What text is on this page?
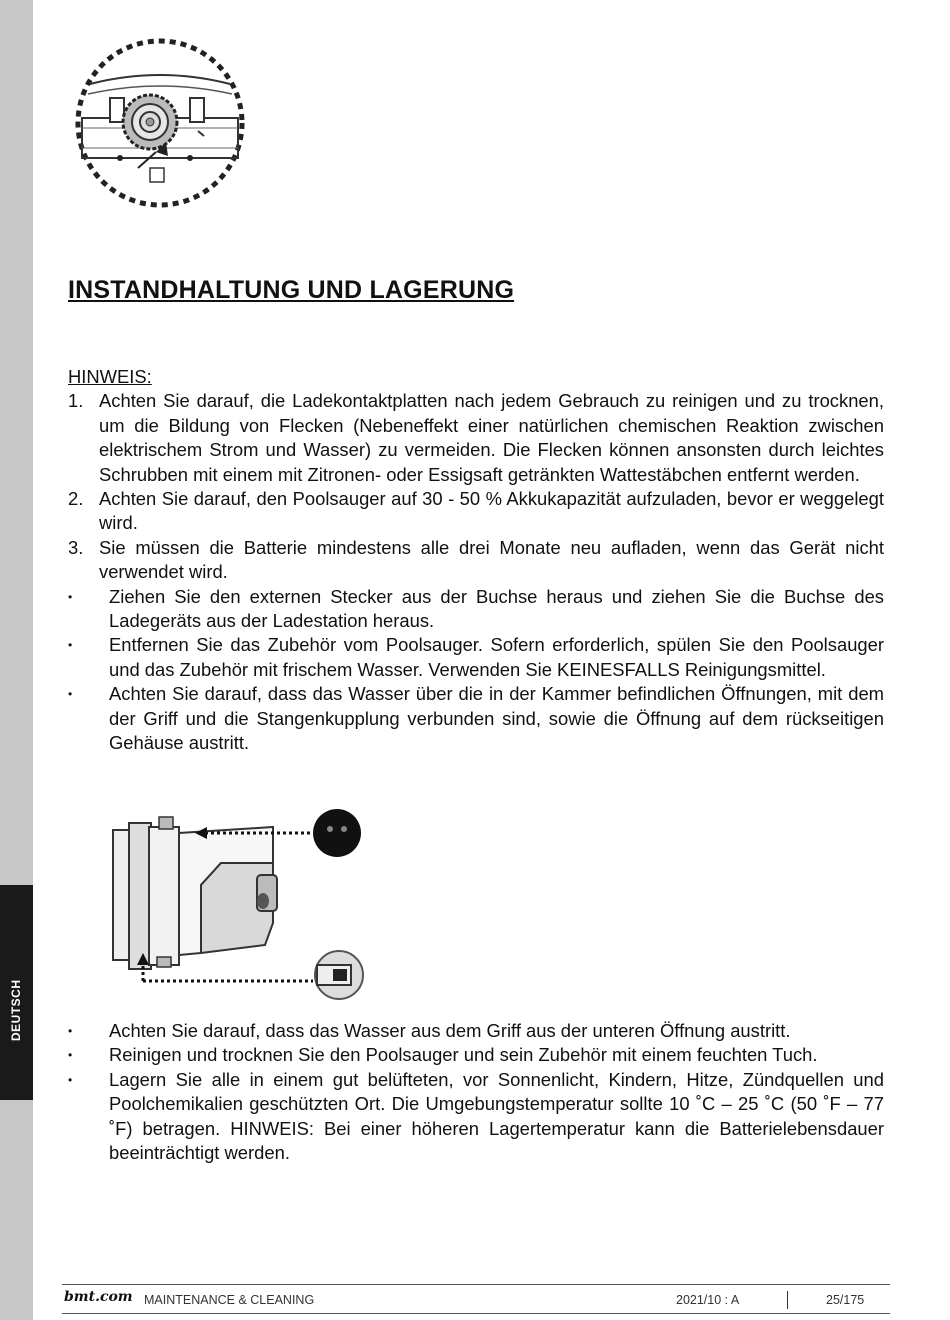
INSTANDHALTUNG UND LAGERUNG
HINWEIS:
1. Achten Sie darauf, die Ladekontaktplatten nach jedem Gebrauch zu reinigen und zu trocknen, um die Bildung von Flecken (Nebeneffekt einer natürlichen chemischen Reaktion zwischen elektrischem Strom und Wasser) zu vermeiden. Die Flecken können ansonsten durch leichtes Schrubben mit einem mit Zitronen- oder Essigsaft getränkten Wattestäbchen entfernt werden.
2. Achten Sie darauf, den Poolsauger auf 30 - 50 % Akkukapazität aufzuladen, bevor er weggelegt wird.
3. Sie müssen die Batterie mindestens alle drei Monate neu aufladen, wenn das Gerät nicht verwendet wird.
• Ziehen Sie den externen Stecker aus der Buchse heraus und ziehen Sie die Buchse des Ladegeräts aus der Ladestation heraus.
• Entfernen Sie das Zubehör vom Poolsauger. Sofern erforderlich, spülen Sie den Poolsauger und das Zubehör mit frischem Wasser. Verwenden Sie KEINESFALLS Reinigungsmittel.
• Achten Sie darauf, dass das Wasser über die in der Kammer befindlichen Öffnungen, mit dem der Griff und die Stangenkupplung verbunden sind, sowie die Öffnung auf dem rückseitigen Gehäuse austritt.
• Achten Sie darauf, dass das Wasser aus dem Griff aus der unteren Öffnung austritt.
• Reinigen und trocknen Sie den Poolsauger und sein Zubehör mit einem feuchten Tuch.
• Lagern Sie alle in einem gut belüfteten, vor Sonnenlicht, Kindern, Hitze, Zündquellen und Poolchemikalien geschützten Ort. Die Umgebungstemperatur sollte 10 ˚C – 25 ˚C (50 ˚F – 77 ˚F) betragen. HINWEIS: Bei einer höheren Lagertemperatur kann die Batterielebensdauer beeinträchtigt werden.
bmt.com MAINTENANCE & CLEANING	2021/10 : A	25/175
